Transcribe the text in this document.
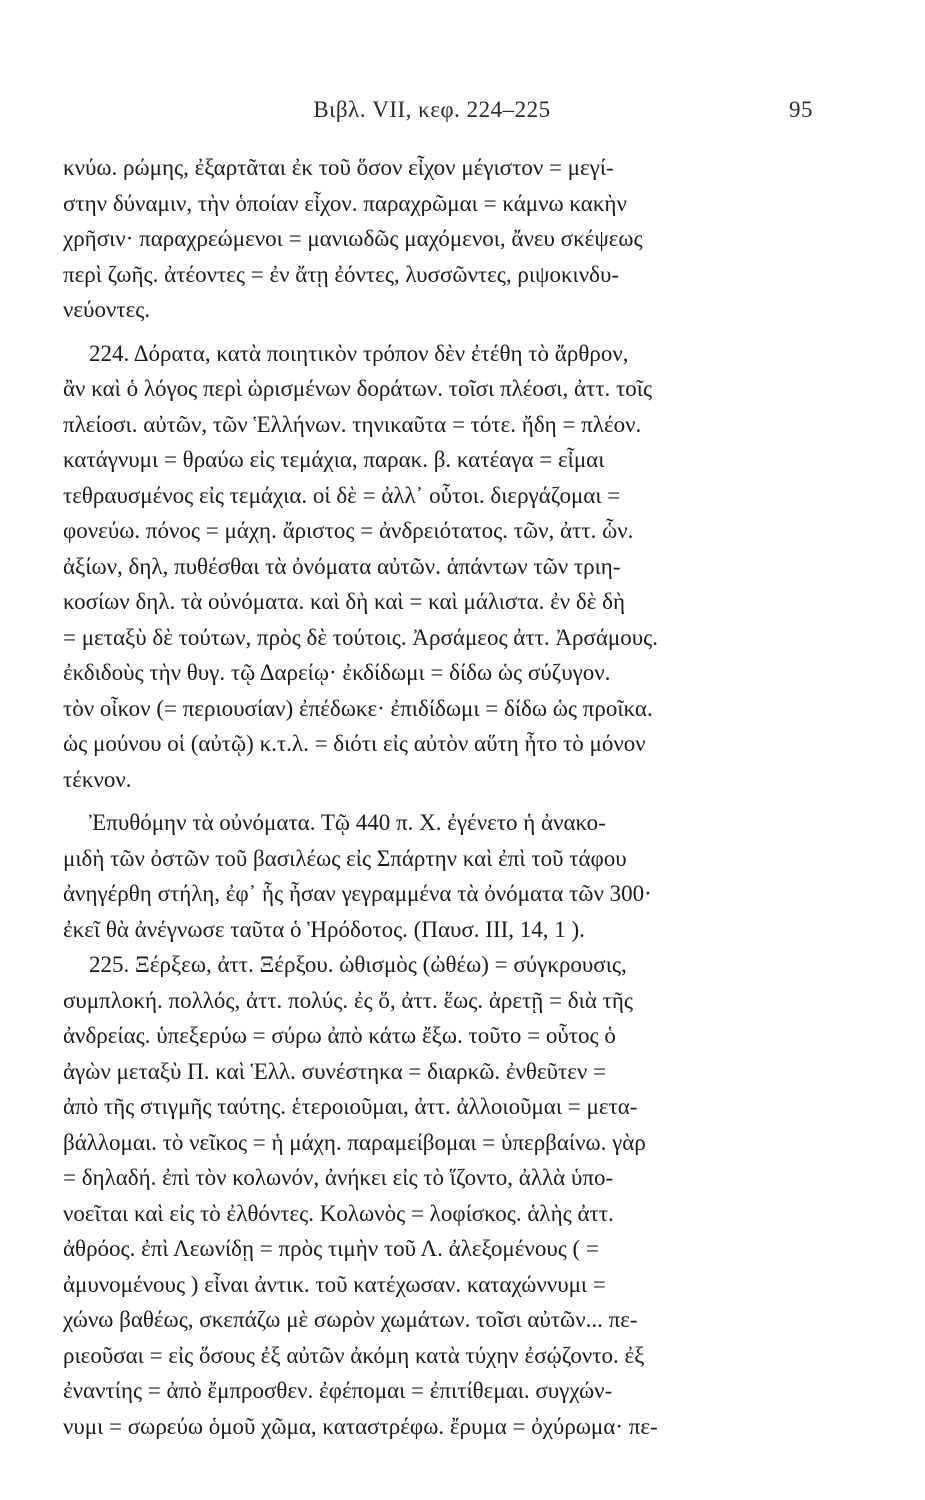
Βιβλ. VII, κεφ. 224–225	95
κνύω. ρώμης, ἐξαρτᾶται ἐκ τοῦ ὅσον εἶχον μέγιστον = μεγί-
στην δύναμιν, τὴν ὁποίαν εἶχον. παραχρῶμαι = κάμνω κακὴν
χρῆσιν· παραχρεώμενοι = μανιωδῶς μαχόμενοι, ἄνευ σκέψεως
περὶ ζωῆς. ἀτέοντες = ἐν ἄτῃ ἐόντες, λυσσῶντες, ριψοκινδυ-
νεύοντες.
224. Δόρατα, κατὰ ποιητικὸν τρόπον δὲν ἐτέθη τὸ ἄρθρον,
ἂν καὶ ὁ λόγος περὶ ὡρισμένων δοράτων. τοῖσι πλέοσι, ἀττ. τοῖς
πλείοσι. αὐτῶν, τῶν Ἑλλήνων. τηνικαῦτα = τότε. ἤδη = πλέον.
κατάγνυμι = θραύω εἰς τεμάχια, παρακ. β. κατέαγα = εἶμαι
τεθραυσμένος εἰς τεμάχια. οἱ δὲ = ἀλλ᾽ οὗτοι. διεργάζομαι =
φονεύω. πόνος = μάχη. ἄριστος = ἀνδρειότατος. τῶν, ἀττ. ὧν.
ἀξίων, δηλ, πυθέσθαι τὰ ὀνόματα αὐτῶν. ἁπάντων τῶν τριη-
κοσίων δηλ. τὰ οὐνόματα. καὶ δὴ καὶ = καὶ μάλιστα. ἐν δὲ δὴ
= μεταξὺ δὲ τούτων, πρὸς δὲ τούτοις. Ἀρσάμεος ἀττ. Ἀρσάμους.
ἐκδιδοὺς τὴν θυγ. τῷ Δαρείῳ· ἐκδίδωμι = δίδω ὡς σύζυγον.
τὸν οἶκον (= περιουσίαν) ἐπέδωκε· ἐπιδίδωμι = δίδω ὡς προῖκα.
ὡς μούνου οἱ (αὐτῷ) κ.τ.λ. = διότι εἰς αὐτὸν αὕτη ἦτο τὸ μόνον
τέκνον.
Ἐπυθόμην τὰ οὐνόματα. Τῷ 440 π. Χ. ἐγένετο ἡ ἀνακο-
μιδὴ τῶν ὀστῶν τοῦ βασιλέως εἰς Σπάρτην καὶ ἐπὶ τοῦ τάφου
ἀνηγέρθη στήλη, ἐφ᾽ ἧς ἦσαν γεγραμμένα τὰ ὀνόματα τῶν 300·
ἐκεῖ θὰ ἀνέγνωσε ταῦτα ὁ Ἡρόδοτος. (Παυσ. III, 14, 1 ).
225. Ξέρξεω, ἀττ. Ξέρξου. ὠθισμὸς (ὠθέω) = σύγκρουσις,
συμπλοκή. πολλός, ἀττ. πολύς. ἐς ὅ, ἀττ. ἕως. ἀρετῇ = διὰ τῆς
ἀνδρείας. ὑπεξερύω = σύρω ἀπὸ κάτω ἔξω. τοῦτο = οὗτος ὁ
ἀγὼν μεταξὺ Π. καὶ Ἑλλ. συνέστηκα = διαρκῶ. ἐνθεῦτεν =
ἀπὸ τῆς στιγμῆς ταύτης. ἑτεροιοῦμαι, ἀττ. ἀλλοιοῦμαι = μετα-
βάλλομαι. τὸ νεῖκος = ἡ μάχη. παραμείβομαι = ὑπερβαίνω. γὰρ
= δηλαδή. ἐπὶ τὸν κολωνόν, ἀνήκει εἰς τὸ ἵζοντο, ἀλλὰ ὑπο-
νοεῖται καὶ εἰς τὸ ἐλθόντες. Κολωνὸς = λοφίσκος. ἁλὴς ἀττ.
ἀθρόος. ἐπὶ Λεωνίδῃ = πρὸς τιμὴν τοῦ Λ. ἀλεξομένους ( =
ἀμυνομένους ) εἶναι ἀντικ. τοῦ κατέχωσαν. καταχώννυμι =
χώνω βαθέως, σκεπάζω μὲ σωρὸν χωμάτων. τοῖσι αὐτῶν... πε-
ριεοῦσαι = εἰς ὅσους ἐξ αὐτῶν ἀκόμη κατὰ τύχην ἐσῴζοντο. ἐξ
ἐναντίης = ἀπὸ ἔμπροσθεν. ἐφέπομαι = ἐπιτίθεμαι. συγχών-
νυμι = σωρεύω ὁμοῦ χῶμα, καταστρέφω. ἔρυμα = ὀχύρωμα· πε-
